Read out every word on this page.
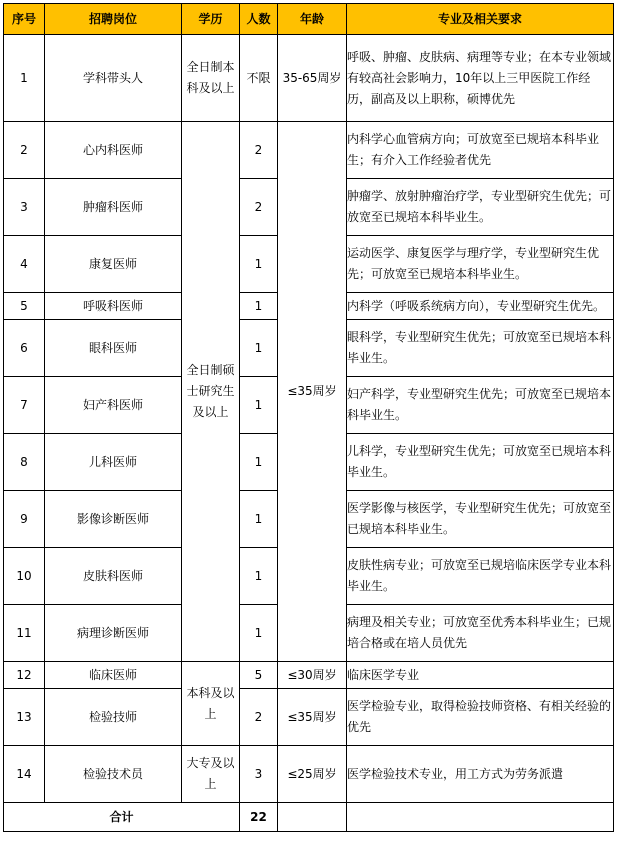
序号	招聘岗位	学历	人数	年龄	专业及相关要求
1	学科带头人	全日制本科及以上	不限	35-65周岁	呼吸、肿瘤、皮肤病、病理等专业；在本专业领域有较高社会影响力，10年以上三甲医院工作经历，副高及以上职称，硕博优先
2	心内科医师	全日制硕士研究生及以上	2	≤35周岁	内科学心血管病方向；可放宽至已规培本科毕业生；有介入工作经验者优先
3	肿瘤科医师		2		肿瘤学、放射肿瘤治疗学，专业型研究生优先；可放宽至已规培本科毕业生。
4	康复医师		1		运动医学、康复医学与理疗学，专业型研究生优先；可放宽至已规培本科毕业生。
5	呼吸科医师		1		内科学（呼吸系统病方向），专业型研究生优先。
6	眼科医师		1		眼科学，专业型研究生优先；可放宽至已规培本科毕业生。
7	妇产科医师		1		妇产科学，专业型研究生优先；可放宽至已规培本科毕业生。
8	儿科医师		1		儿科学，专业型研究生优先；可放宽至已规培本科毕业生。
9	影像诊断医师		1		医学影像与核医学，专业型研究生优先；可放宽至已规培本科毕业生。
10	皮肤科医师		1		皮肤性病专业；可放宽至已规培临床医学专业本科毕业生。
11	病理诊断医师		1		病理及相关专业；可放宽至优秀本科毕业生；已规培合格或在培人员优先
12	临床医师	本科及以上	5	≤30周岁	临床医学专业
13	检验技师		2	≤35周岁	医学检验专业，取得检验技师资格、有相关经验的优先
14	检验技术员	大专及以上	3	≤25周岁	医学检验技术专业，用工方式为劳务派遣
合计			22		
